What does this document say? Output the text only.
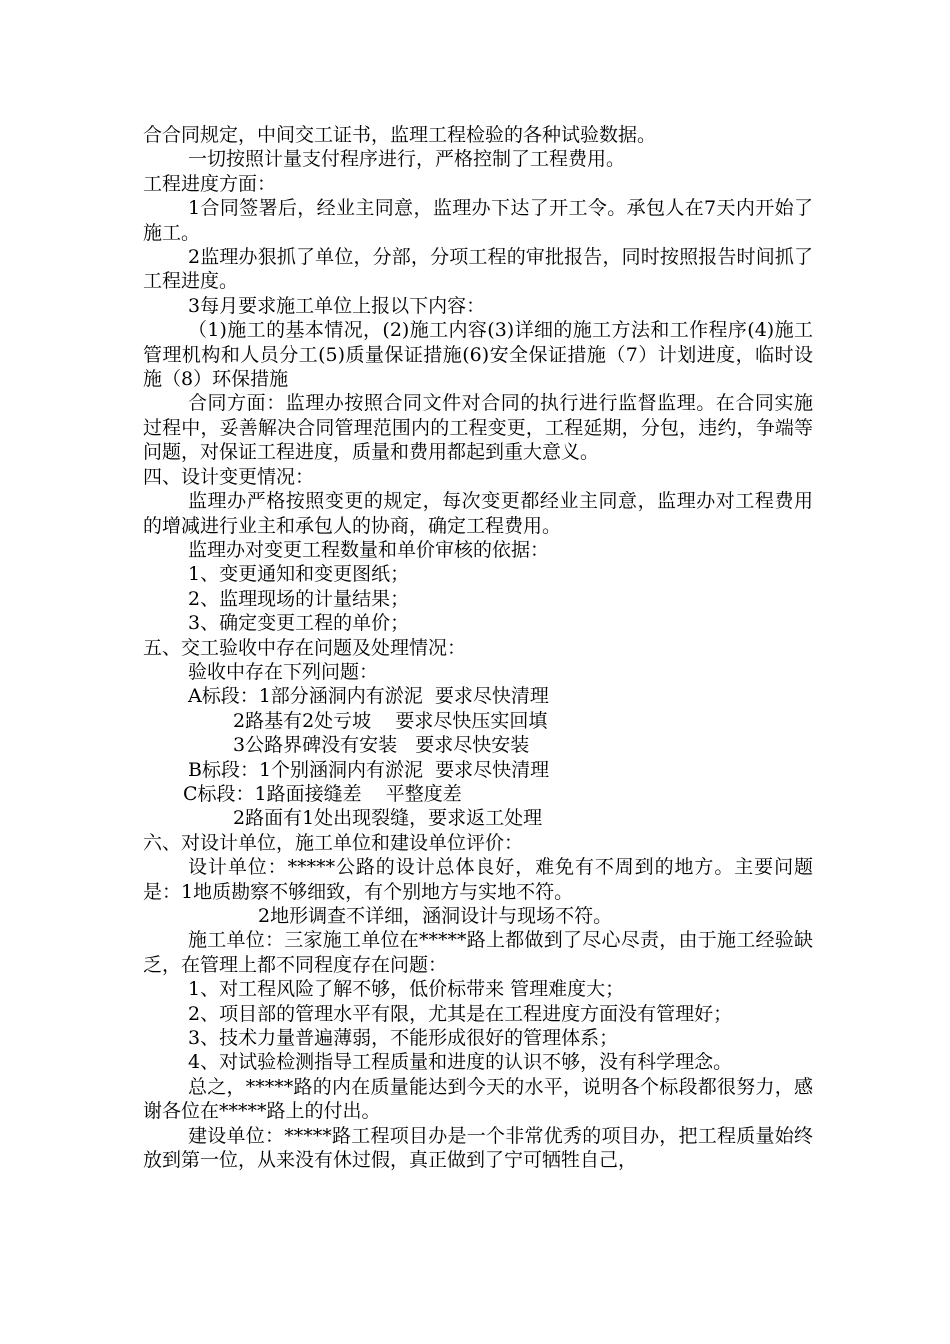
合合同规定，中间交工证书，监理工程检验的各种试验数据。

一切按照计量支付程序进行，严格控制了工程费用。

工程进度方面：

1合同签署后，经业主同意，监理办下达了开工令。承包人在7天内开始了施工。

2监理办狠抓了单位，分部，分项工程的审批报告，同时按照报告时间抓了工程进度。

3每月要求施工单位上报以下内容：

（1)施工的基本情况，(2)施工内容(3)详细的施工方法和工作程序(4)施工管理机构和人员分工(5)质量保证措施(6)安全保证措施（7）计划进度，临时设施（8）环保措施

合同方面：监理办按照合同文件对合同的执行进行监督监理。在合同实施过程中，妥善解决合同管理范围内的工程变更，工程延期，分包，违约，争端等问题，对保证工程进度，质量和费用都起到重大意义。

四、设计变更情况：

监理办严格按照变更的规定，每次变更都经业主同意，监理办对工程费用的增减进行业主和承包人的协商，确定工程费用。

监理办对变更工程数量和单价审核的依据：

1、变更通知和变更图纸；

2、监理现场的计量结果；

3、确定变更工程的单价；

五、交工验收中存在问题及处理情况：

验收中存在下列问题：

A标段：1部分涵洞内有淤泥  要求尽快清理

2路基有2处亏坡    要求尽快压实回填

3公路界碑没有安装   要求尽快安装

B标段：1个别涵洞内有淤泥  要求尽快清理

C标段：1路面接缝差    平整度差

2路面有1处出现裂缝，要求返工处理

六、对设计单位，施工单位和建设单位评价：

设计单位：*****公路的设计总体良好，难免有不周到的地方。主要问题是：1地质勘察不够细致，有个别地方与实地不符。

2地形调查不详细，涵洞设计与现场不符。

施工单位：三家施工单位在*****路上都做到了尽心尽责，由于施工经验缺乏，在管理上都不同程度存在问题：

1、对工程风险了解不够，低价标带来 管理难度大；

2、项目部的管理水平有限，尤其是在工程进度方面没有管理好；

3、技术力量普遍薄弱，不能形成很好的管理体系；

4、对试验检测指导工程质量和进度的认识不够，没有科学理念。

总之，*****路的内在质量能达到今天的水平，说明各个标段都很努力，感谢各位在*****路上的付出。

建设单位：*****路工程项目办是一个非常优秀的项目办，把工程质量始终放到第一位，从来没有休过假，真正做到了宁可牺牲自己，
